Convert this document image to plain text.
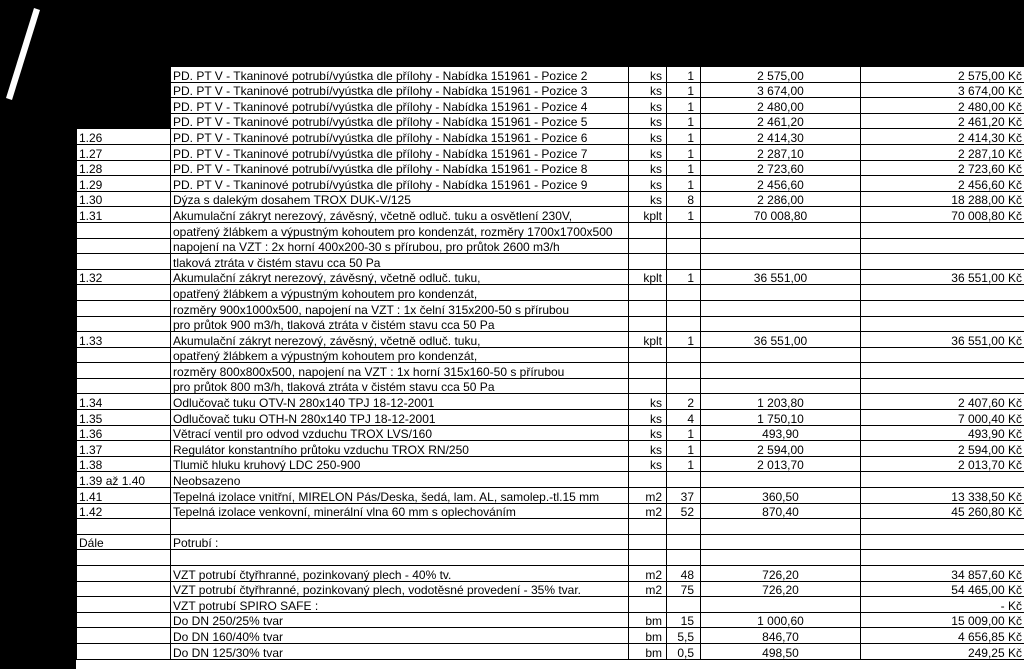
	PD. PT V - Tkaninové potrubí/vyústka dle přílohy - Nabídka 151961 - Pozice 2	ks	1	2 575,00	2 575,00 Kč
	PD. PT V - Tkaninové potrubí/vyústka dle přílohy - Nabídka 151961 - Pozice 3	ks	1	3 674,00	3 674,00 Kč
	PD. PT V - Tkaninové potrubí/vyústka dle přílohy - Nabídka 151961 - Pozice 4	ks	1	2 480,00	2 480,00 Kč
	PD. PT V - Tkaninové potrubí/vyústka dle přílohy - Nabídka 151961 - Pozice 5	ks	1	2 461,20	2 461,20 Kč
1.26	PD. PT V - Tkaninové potrubí/vyústka dle přílohy - Nabídka 151961 - Pozice 6	ks	1	2 414,30	2 414,30 Kč
1.27	PD. PT V - Tkaninové potrubí/vyústka dle přílohy - Nabídka 151961 - Pozice 7	ks	1	2 287,10	2 287,10 Kč
1.28	PD. PT V - Tkaninové potrubí/vyústka dle přílohy - Nabídka 151961 - Pozice 8	ks	1	2 723,60	2 723,60 Kč
1.29	PD. PT V - Tkaninové potrubí/vyústka dle přílohy - Nabídka 151961 - Pozice 9	ks	1	2 456,60	2 456,60 Kč
1.30	Dýza s dalekým dosahem TROX DUK-V/125	ks	8	2 286,00	18 288,00 Kč
1.31	Akumulační zákryt nerezový, závěsný, včetně odluč. tuku a osvětlení 230V,	kplt	1	70 008,80	70 008,80 Kč
	opatřený žlábkem a výpustným kohoutem pro kondenzát, rozměry 1700x1700x500				
	napojení na VZT : 2x horní 400x200-30 s přírubou, pro průtok 2600 m3/h				
	tlaková ztráta v čistém stavu cca 50 Pa				
1.32	Akumulační zákryt nerezový, závěsný, včetně odluč. tuku,	kplt	1	36 551,00	36 551,00 Kč
	opatřený žlábkem a výpustným kohoutem pro kondenzát,				
	rozměry 900x1000x500, napojení na VZT : 1x čelní 315x200-50 s přírubou				
	pro průtok 900 m3/h, tlaková ztráta v čistém stavu cca 50 Pa				
1.33	Akumulační zákryt nerezový, závěsný, včetně odluč. tuku,	kplt	1	36 551,00	36 551,00 Kč
	opatřený žlábkem a výpustným kohoutem pro kondenzát,				
	rozměry 800x800x500, napojení na VZT : 1x horní 315x160-50 s přírubou				
	pro průtok 800 m3/h, tlaková ztráta v čistém stavu cca 50 Pa				
1.34	Odlučovač tuku OTV-N 280x140 TPJ 18-12-2001	ks	2	1 203,80	2 407,60 Kč
1.35	Odlučovač tuku OTH-N 280x140 TPJ 18-12-2001	ks	4	1 750,10	7 000,40 Kč
1.36	Větrací ventil pro odvod vzduchu TROX LVS/160	ks	1	493,90	493,90 Kč
1.37	Regulátor konstantního průtoku vzduchu TROX RN/250	ks	1	2 594,00	2 594,00 Kč
1.38	Tlumič hluku kruhový LDC 250-900	ks	1	2 013,70	2 013,70 Kč
1.39 až 1.40	Neobsazeno				
1.41	Tepelná izolace vnitřní, MIRELON Pás/Deska, šedá, lam. AL, samolep.-tl.15 mm	m2	37	360,50	13 338,50 Kč
1.42	Tepelná izolace venkovní, minerální vlna 60 mm s oplechováním	m2	52	870,40	45 260,80 Kč

Dále	Potrubí :				

	VZT potrubí čtyřhranné, pozinkovaný plech - 40% tv.	m2	48	726,20	34 857,60 Kč
	VZT potrubí čtyřhranné, pozinkovaný plech, vodotěsné provedení - 35% tvar.	m2	75	726,20	54 465,00 Kč
	VZT potrubí SPIRO SAFE :				- Kč
	Do DN 250/25% tvar	bm	15	1 000,60	15 009,00 Kč
	Do DN 160/40% tvar	bm	5,5	846,70	4 656,85 Kč
	Do DN 125/30% tvar	bm	0,5	498,50	249,25 Kč
